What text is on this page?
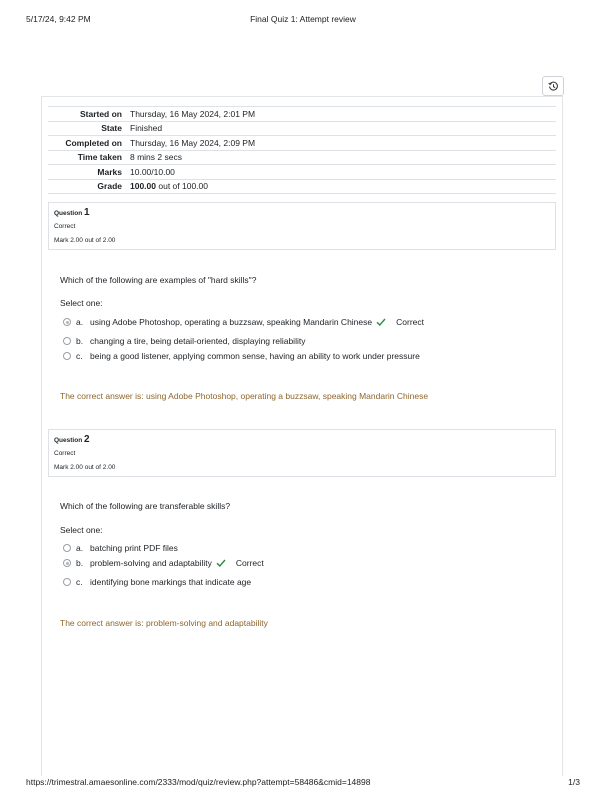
5/17/24, 9:42 PM	Final Quiz 1: Attempt review
Started on	Thursday, 16 May 2024, 2:01 PM
State	Finished
Completed on	Thursday, 16 May 2024, 2:09 PM
Time taken	8 mins 2 secs
Marks	10.00/10.00
Grade	100.00 out of 100.00
Question 1
Correct
Mark 2.00 out of 2.00
Which of the following are examples of "hard skills"?
Select one:
a. using Adobe Photoshop, operating a buzzsaw, speaking Mandarin Chinese	Correct
b. changing a tire, being detail-oriented, displaying reliability
c. being a good listener, applying common sense, having an ability to work under pressure
The correct answer is: using Adobe Photoshop, operating a buzzsaw, speaking Mandarin Chinese
Question 2
Correct
Mark 2.00 out of 2.00
Which of the following are transferable skills?
Select one:
a. batching print PDF files
b. problem-solving and adaptability	Correct
c. identifying bone markings that indicate age
The correct answer is: problem-solving and adaptability
https://trimestral.amaesonline.com/2333/mod/quiz/review.php?attempt=58486&cmid=14898	1/3
